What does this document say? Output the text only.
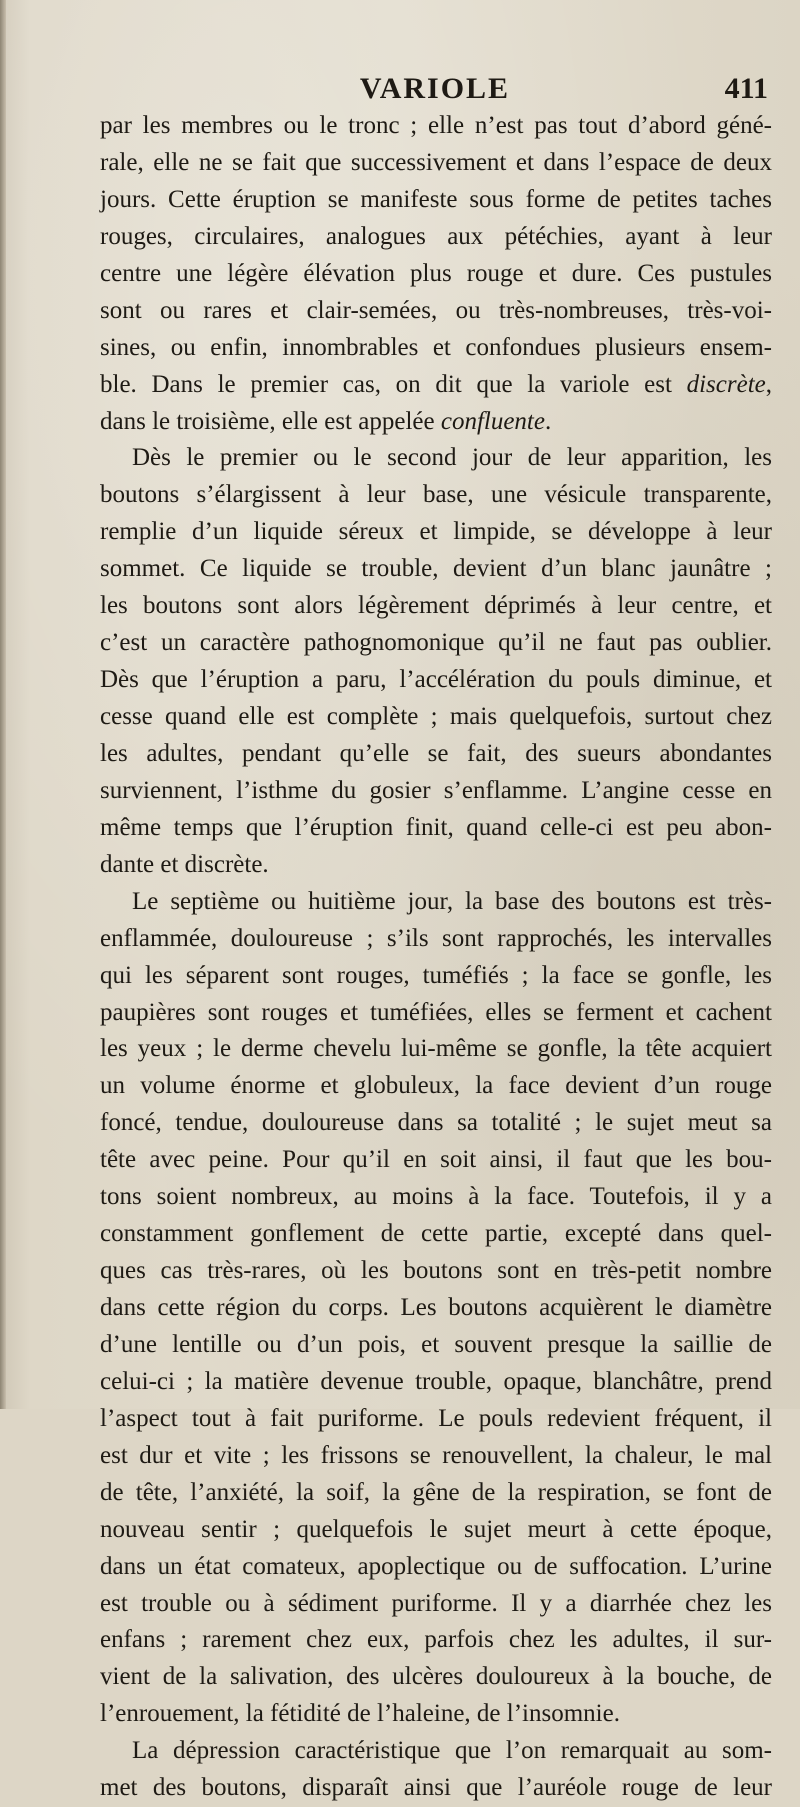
VARIOLE	411
par les membres ou le tronc ; elle n’est pas tout d’abord géné-
rale, elle ne se fait que successivement et dans l’espace de deux
jours. Cette éruption se manifeste sous forme de petites taches
rouges, circulaires, analogues aux pétéchies, ayant à leur
centre une légère élévation plus rouge et dure. Ces pustules
sont ou rares et clair-semées, ou très-nombreuses, très-voi-
sines, ou enfin, innombrables et confondues plusieurs ensem-
ble. Dans le premier cas, on dit que la variole est discrète,
dans le troisième, elle est appelée confluente.
Dès le premier ou le second jour de leur apparition, les
boutons s’élargissent à leur base, une vésicule transparente,
remplie d’un liquide séreux et limpide, se développe à leur
sommet. Ce liquide se trouble, devient d’un blanc jaunâtre ;
les boutons sont alors légèrement déprimés à leur centre, et
c’est un caractère pathognomonique qu’il ne faut pas oublier.
Dès que l’éruption a paru, l’accélération du pouls diminue, et
cesse quand elle est complète ; mais quelquefois, surtout chez
les adultes, pendant qu’elle se fait, des sueurs abondantes
surviennent, l’isthme du gosier s’enflamme. L’angine cesse en
même temps que l’éruption finit, quand celle-ci est peu abon-
dante et discrète.
Le septième ou huitième jour, la base des boutons est très-
enflammée, douloureuse ; s’ils sont rapprochés, les intervalles
qui les séparent sont rouges, tuméfiés ; la face se gonfle, les
paupières sont rouges et tuméfiées, elles se ferment et cachent
les yeux ; le derme chevelu lui-même se gonfle, la tête acquiert
un volume énorme et globuleux, la face devient d’un rouge
foncé, tendue, douloureuse dans sa totalité ; le sujet meut sa
tête avec peine. Pour qu’il en soit ainsi, il faut que les bou-
tons soient nombreux, au moins à la face. Toutefois, il y a
constamment gonflement de cette partie, excepté dans quel-
ques cas très-rares, où les boutons sont en très-petit nombre
dans cette région du corps. Les boutons acquièrent le diamètre
d’une lentille ou d’un pois, et souvent presque la saillie de
celui-ci ; la matière devenue trouble, opaque, blanchâtre, prend
l’aspect tout à fait puriforme. Le pouls redevient fréquent, il
est dur et vite ; les frissons se renouvellent, la chaleur, le mal
de tête, l’anxiété, la soif, la gêne de la respiration, se font de
nouveau sentir ; quelquefois le sujet meurt à cette époque,
dans un état comateux, apoplectique ou de suffocation. L’urine
est trouble ou à sédiment puriforme. Il y a diarrhée chez les
enfans ; rarement chez eux, parfois chez les adultes, il sur-
vient de la salivation, des ulcères douloureux à la bouche, de
l’enrouement, la fétidité de l’haleine, de l’insomnie.
La dépression caractéristique que l’on remarquait au som-
met des boutons, disparaît ainsi que l’auréole rouge de leur
